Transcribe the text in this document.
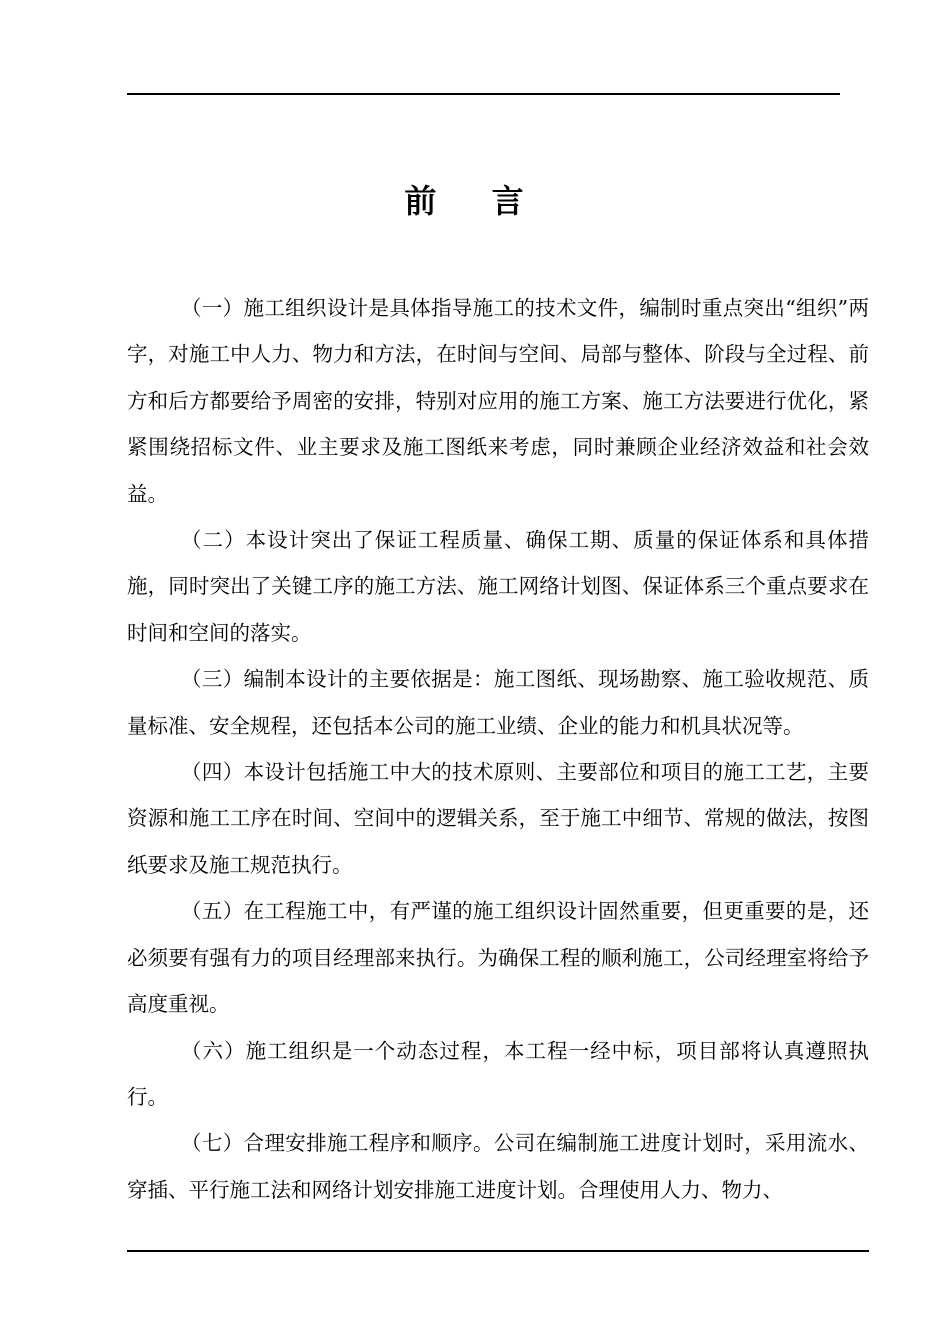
前 言

（一）施工组织设计是具体指导施工的技术文件，编制时重点突出“组织”两字，对施工中人力、物力和方法，在时间与空间、局部与整体、阶段与全过程、前方和后方都要给予周密的安排，特别对应用的施工方案、施工方法要进行优化，紧紧围绕招标文件、业主要求及施工图纸来考虑，同时兼顾企业经济效益和社会效益。

（二）本设计突出了保证工程质量、确保工期、质量的保证体系和具体措施，同时突出了关键工序的施工方法、施工网络计划图、保证体系三个重点要求在时间和空间的落实。

（三）编制本设计的主要依据是：施工图纸、现场勘察、施工验收规范、质量标准、安全规程，还包括本公司的施工业绩、企业的能力和机具状况等。

（四）本设计包括施工中大的技术原则、主要部位和项目的施工工艺，主要资源和施工工序在时间、空间中的逻辑关系，至于施工中细节、常规的做法，按图纸要求及施工规范执行。

（五）在工程施工中，有严谨的施工组织设计固然重要，但更重要的是，还必须要有强有力的项目经理部来执行。为确保工程的顺利施工，公司经理室将给予高度重视。

（六）施工组织是一个动态过程，本工程一经中标，项目部将认真遵照执行。

（七）合理安排施工程序和顺序。公司在编制施工进度计划时，采用流水、穿插、平行施工法和网络计划安排施工进度计划。合理使用人力、物力、
